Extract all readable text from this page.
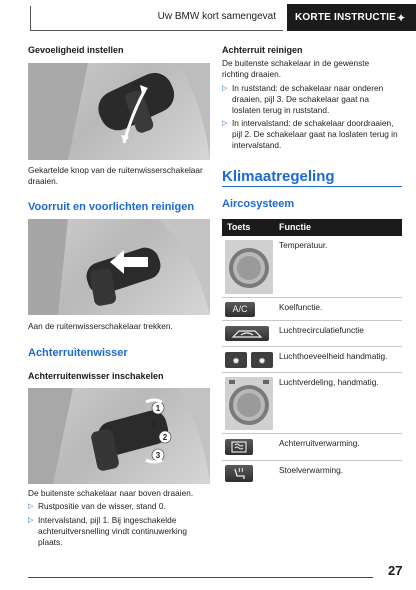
Uw BMW kort samengevat KORTE INSTRUCTIE ✦
Gevoeligheid instellen
Gekartelde knop van de ruitenwisserschakelaar draaien.
Voorruit en voorlichten reinigen
Aan de ruitenwisserschakelaar trekken.
Achterruitenwisser
Achterruitenwisser inschakelen
1
0
2
3
De buitenste schakelaar naar boven draaien.
▷ Rustpositie van de wisser, stand 0.
▷ Intervalstand, pijl 1. Bij ingeschakelde achteruitversnelling vindt continuwerking plaats.
Achterruit reinigen
De buitenste schakelaar in de gewenste richting draaien.
▷ In ruststand: de schakelaar naar onderen draaien, pijl 3. De schakelaar gaat na loslaten terug in ruststand.
▷ In intervalstand: de schakelaar doordraaien, pijl 2. De schakelaar gaat na loslaten terug in intervalstand.
Klimaatregeling
Aircosysteem
Toets	Functie
Temperatuur.
A/C	Koelfunctie.
Luchtrecirculatiefunctie
✹ ✹
Luchthoeveelheid handmatig.
Luchtverdeling, handmatig.
Achterruitverwarming.
Stoelverwarming.
27
